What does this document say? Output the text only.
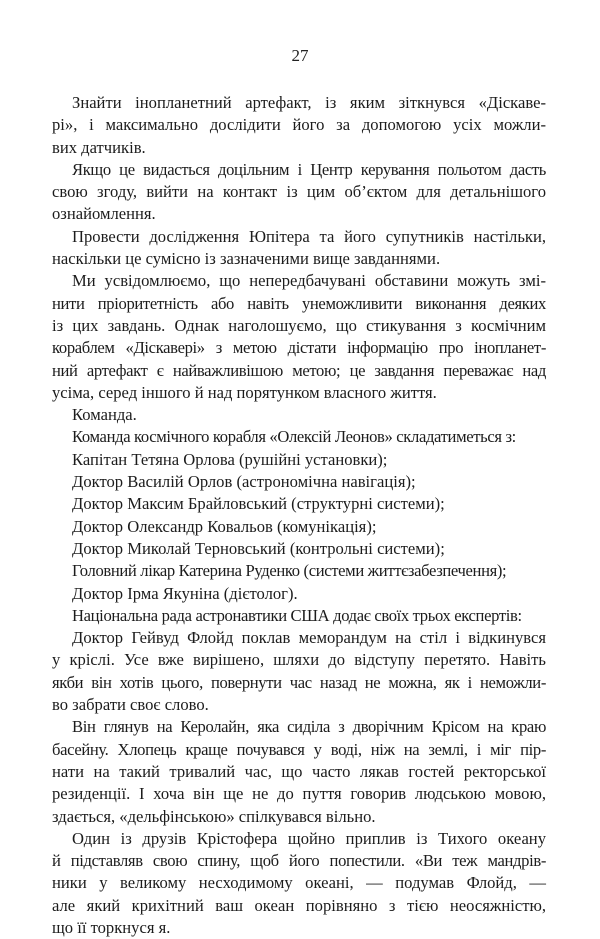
27
Знайти інопланетний артефакт, із яким зіткнувся «Діскаве-
рі», і максимально дослідити його за допомогою усіх можли-
вих датчиків.
Якщо це видасться доцільним і Центр керування польотом дасть
свою згоду, вийти на контакт із цим об’єктом для детальнішого
ознайомлення.
Провести дослідження Юпітера та його супутників настільки,
наскільки це сумісно із зазначеними вище завданнями.
Ми усвідомлюємо, що непередбачувані обставини можуть змі-
нити пріоритетність або навіть унеможливити виконання деяких
із цих завдань. Однак наголошуємо, що стикування з космічним
кораблем «Діскавері» з метою дістати інформацію про інопланет-
ний артефакт є найважливішою метою; це завдання переважає над
усіма, серед іншого й над порятунком власного життя.
Команда.
Команда космічного корабля «Олексій Леонов» складатиметься з:
Капітан Тетяна Орлова (рушійні установки);
Доктор Василій Орлов (астрономічна навігація);
Доктор Максим Брайловський (структурні системи);
Доктор Олександр Ковальов (комунікація);
Доктор Миколай Терновський (контрольні системи);
Головний лікар Катерина Руденко (системи життєзабезпечення);
Доктор Ірма Якуніна (дієтолог).
Національна рада астронавтики США додає своїх трьох експертів:
Доктор Гейвуд Флойд поклав меморандум на стіл і відкинувся
у кріслі. Усе вже вирішено, шляхи до відступу перетято. Навіть
якби він хотів цього, повернути час назад не можна, як і неможли-
во забрати своє слово.
Він глянув на Керолайн, яка сиділа з дворічним Крісом на краю
басейну. Хлопець краще почувався у воді, ніж на землі, і міг пір-
нати на такий тривалий час, що часто лякав гостей ректорської
резиденції. І хоча він ще не до пуття говорив людською мовою,
здається, «дельфінською» спілкувався вільно.
Один із друзів Крістофера щойно приплив із Тихого океану
й підставляв свою спину, щоб його попестили. «Ви теж мандрів-
ники у великому несходимому океані, — подумав Флойд, —
але який крихітний ваш океан порівняно з тією неосяжністю,
що її торкнуся я.
